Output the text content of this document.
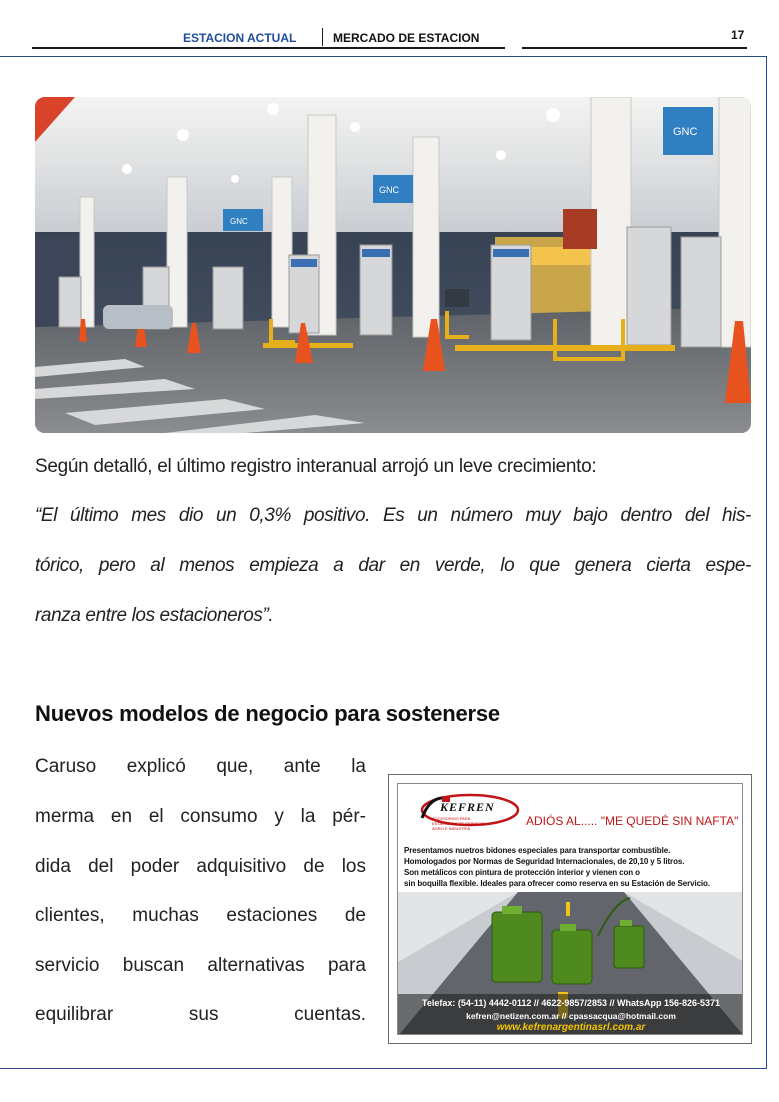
ESTACION ACTUAL	MERCADO DE ESTACION	17
GNC
GNC
GNC
Según detalló, el último registro interanual arrojó un leve crecimiento:
“El último mes dio un 0,3% positivo. Es un número muy bajo dentro del his-
tórico, pero al menos empieza a dar en verde, lo que genera cierta espe-
ranza entre los estacioneros”.
Nuevos modelos de negocio para sostenerse
Caruso explicó que, ante la
merma en el consumo y la pér-
dida del poder adquisitivo de los
clientes, muchas estaciones de
servicio buscan alternativas para
equilibrar sus cuentas.
KEFREN
ACCESORIOS PARA ESTACIONES DE SERVICIO AGRO E INDUSTRIA
ADIÓS AL..... "ME QUEDÉ SIN NAFTA"
Presentamos nuetros bidones especiales para transportar combustible.
Homologados por Normas de Seguridad Internacionales, de 20,10 y 5 litros.
Son metálicos con pintura de protección interior y vienen con o
sin boquilla flexible. Ideales para ofrecer como reserva en su Estación de Servicio.
Telefax: (54-11) 4442-0112 // 4622-9857/2853 // WhatsApp 156-826-5371
kefren@netizen.com.ar // cpassacqua@hotmail.com
www.kefrenargentinasrl.com.ar
